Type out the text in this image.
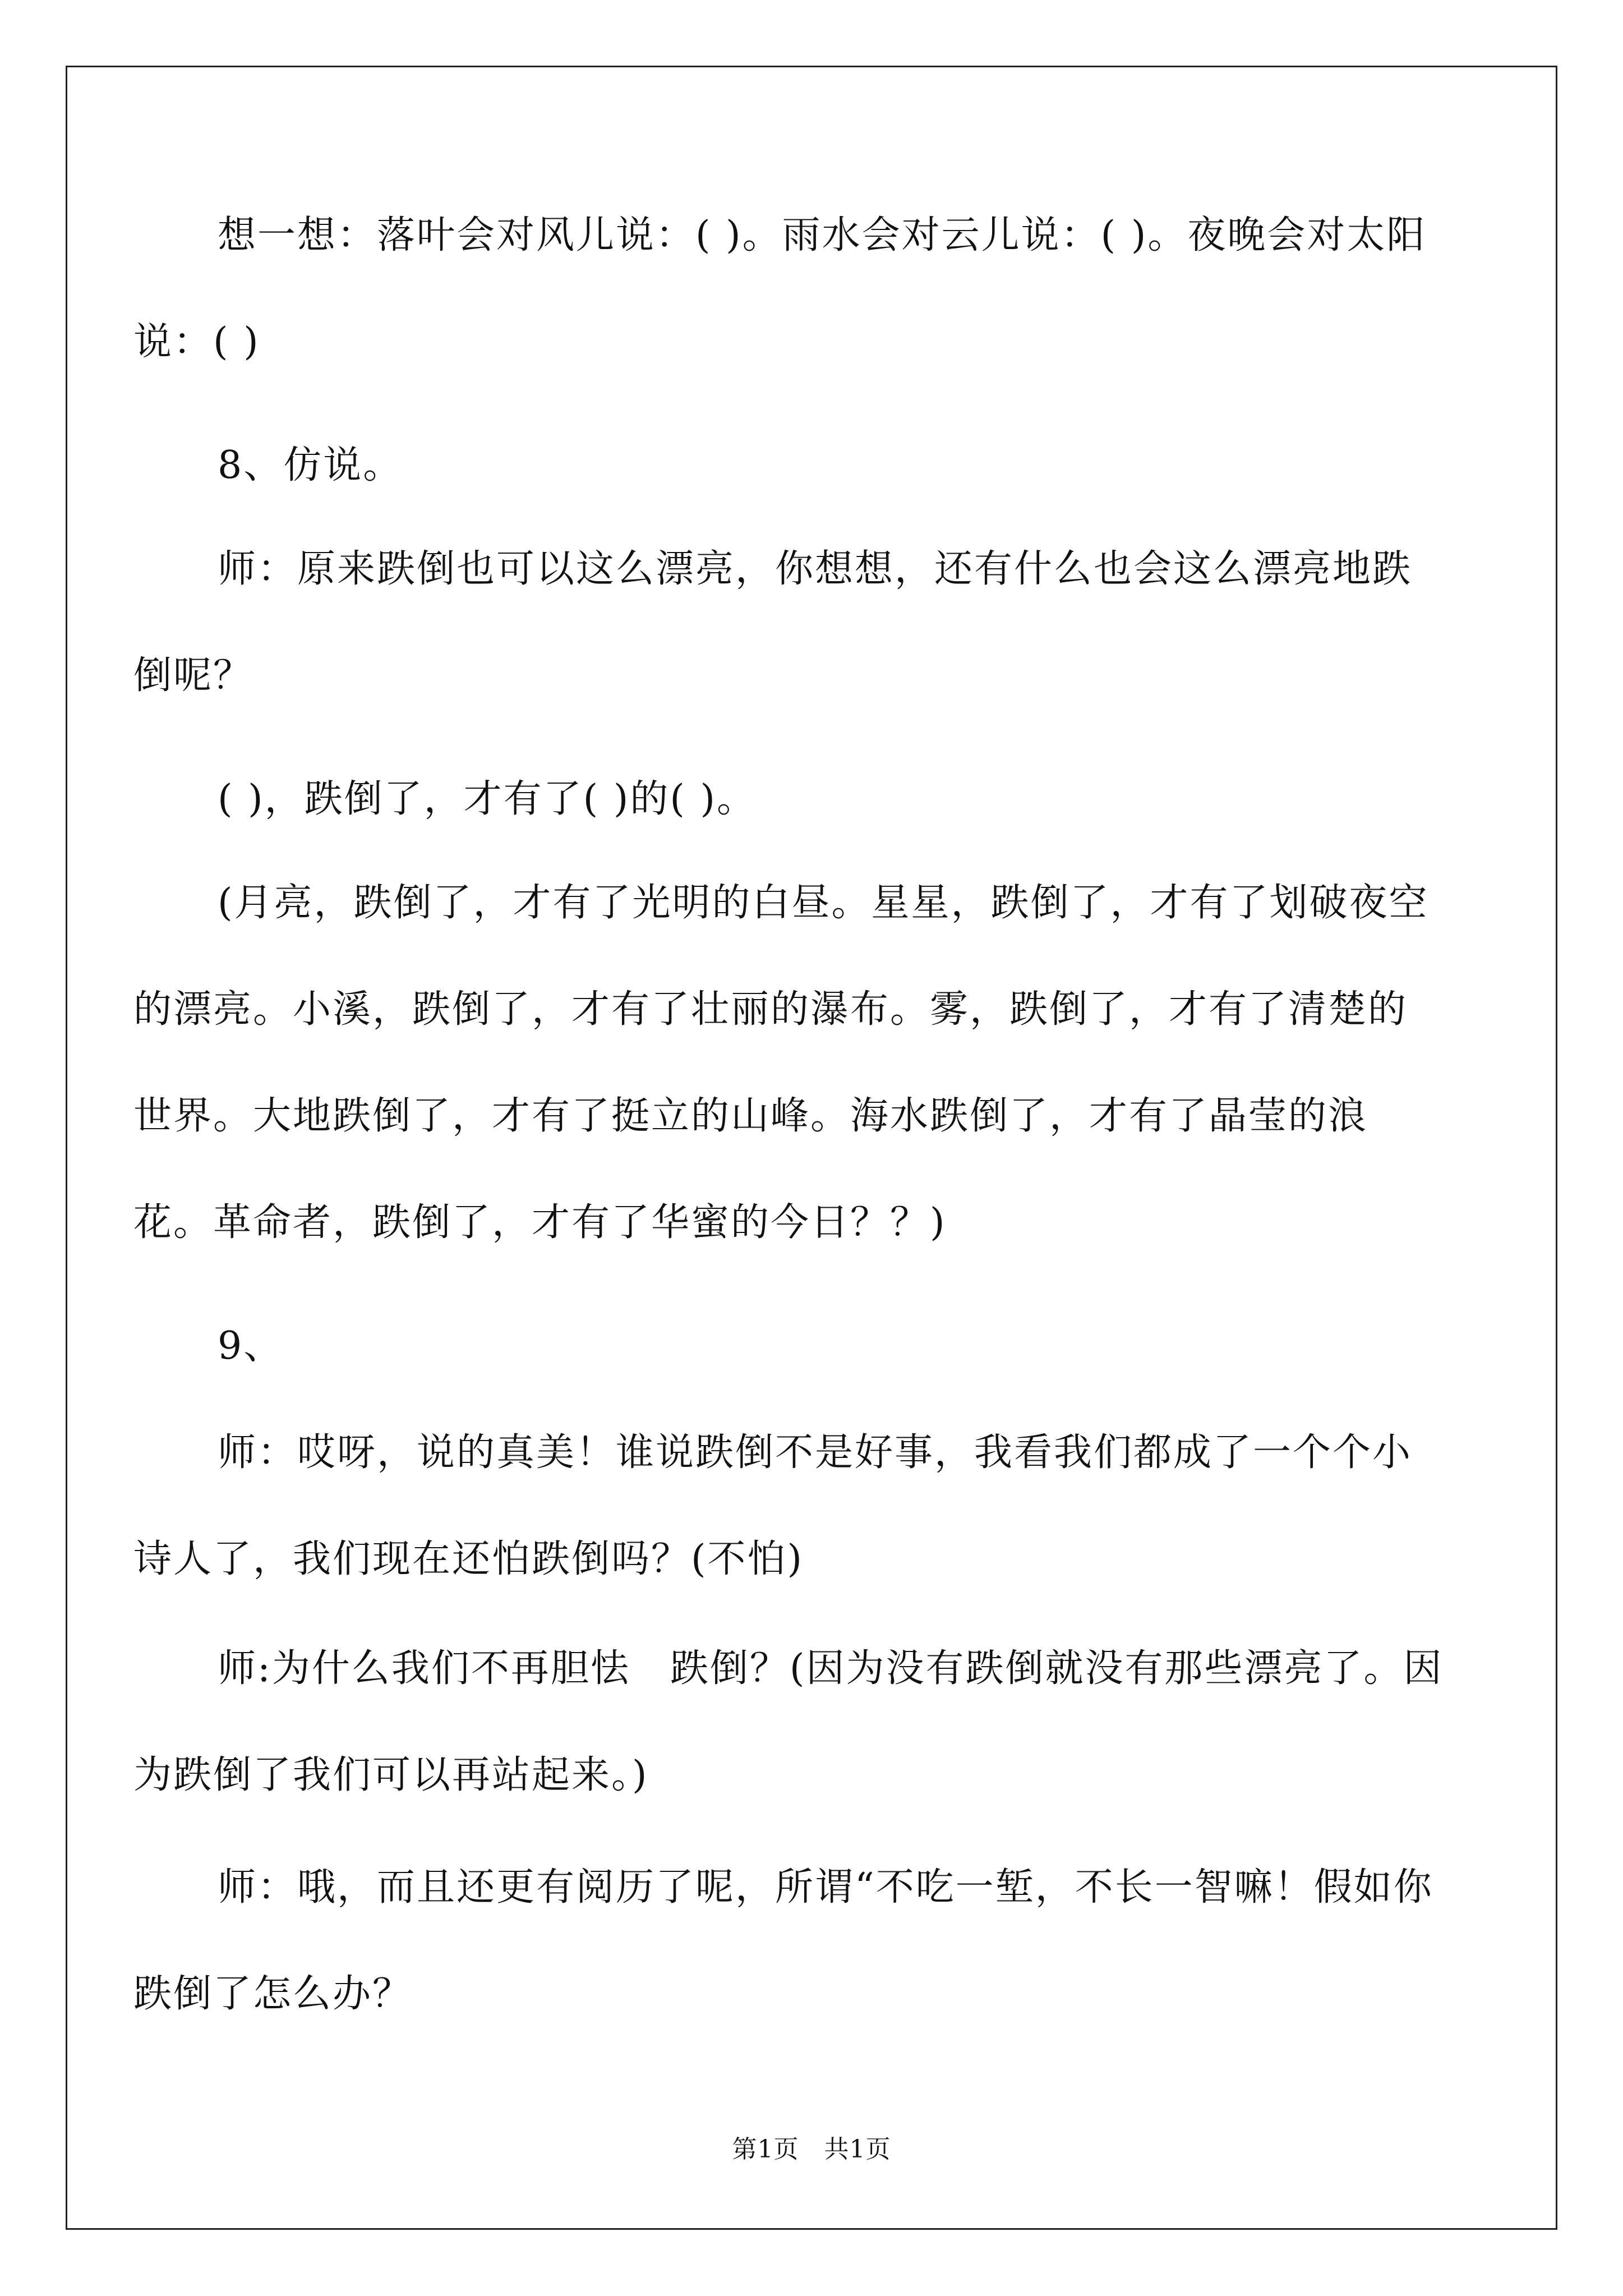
想一想：落叶会对风儿说：( )。雨水会对云儿说：( )。夜晚会对太阳说：( )

8、仿说。

师：原来跌倒也可以这么漂亮，你想想，还有什么也会这么漂亮地跌倒呢？

( )，跌倒了，才有了( )的( )。

(月亮，跌倒了，才有了光明的白昼。星星，跌倒了，才有了划破夜空的漂亮。小溪，跌倒了，才有了壮丽的瀑布。雾，跌倒了，才有了清楚的世界。大地跌倒了，才有了挺立的山峰。海水跌倒了，才有了晶莹的浪花。革命者，跌倒了，才有了华蜜的今日？？)

9、

师：哎呀，说的真美！谁说跌倒不是好事，我看我们都成了一个个小诗人了，我们现在还怕跌倒吗？(不怕)

师:为什么我们不再胆怯　跌倒？(因为没有跌倒就没有那些漂亮了。因为跌倒了我们可以再站起来。)

师：哦，而且还更有阅历了呢，所谓“不吃一堑，不长一智嘛！假如你跌倒了怎么办？

第1页　共1页
